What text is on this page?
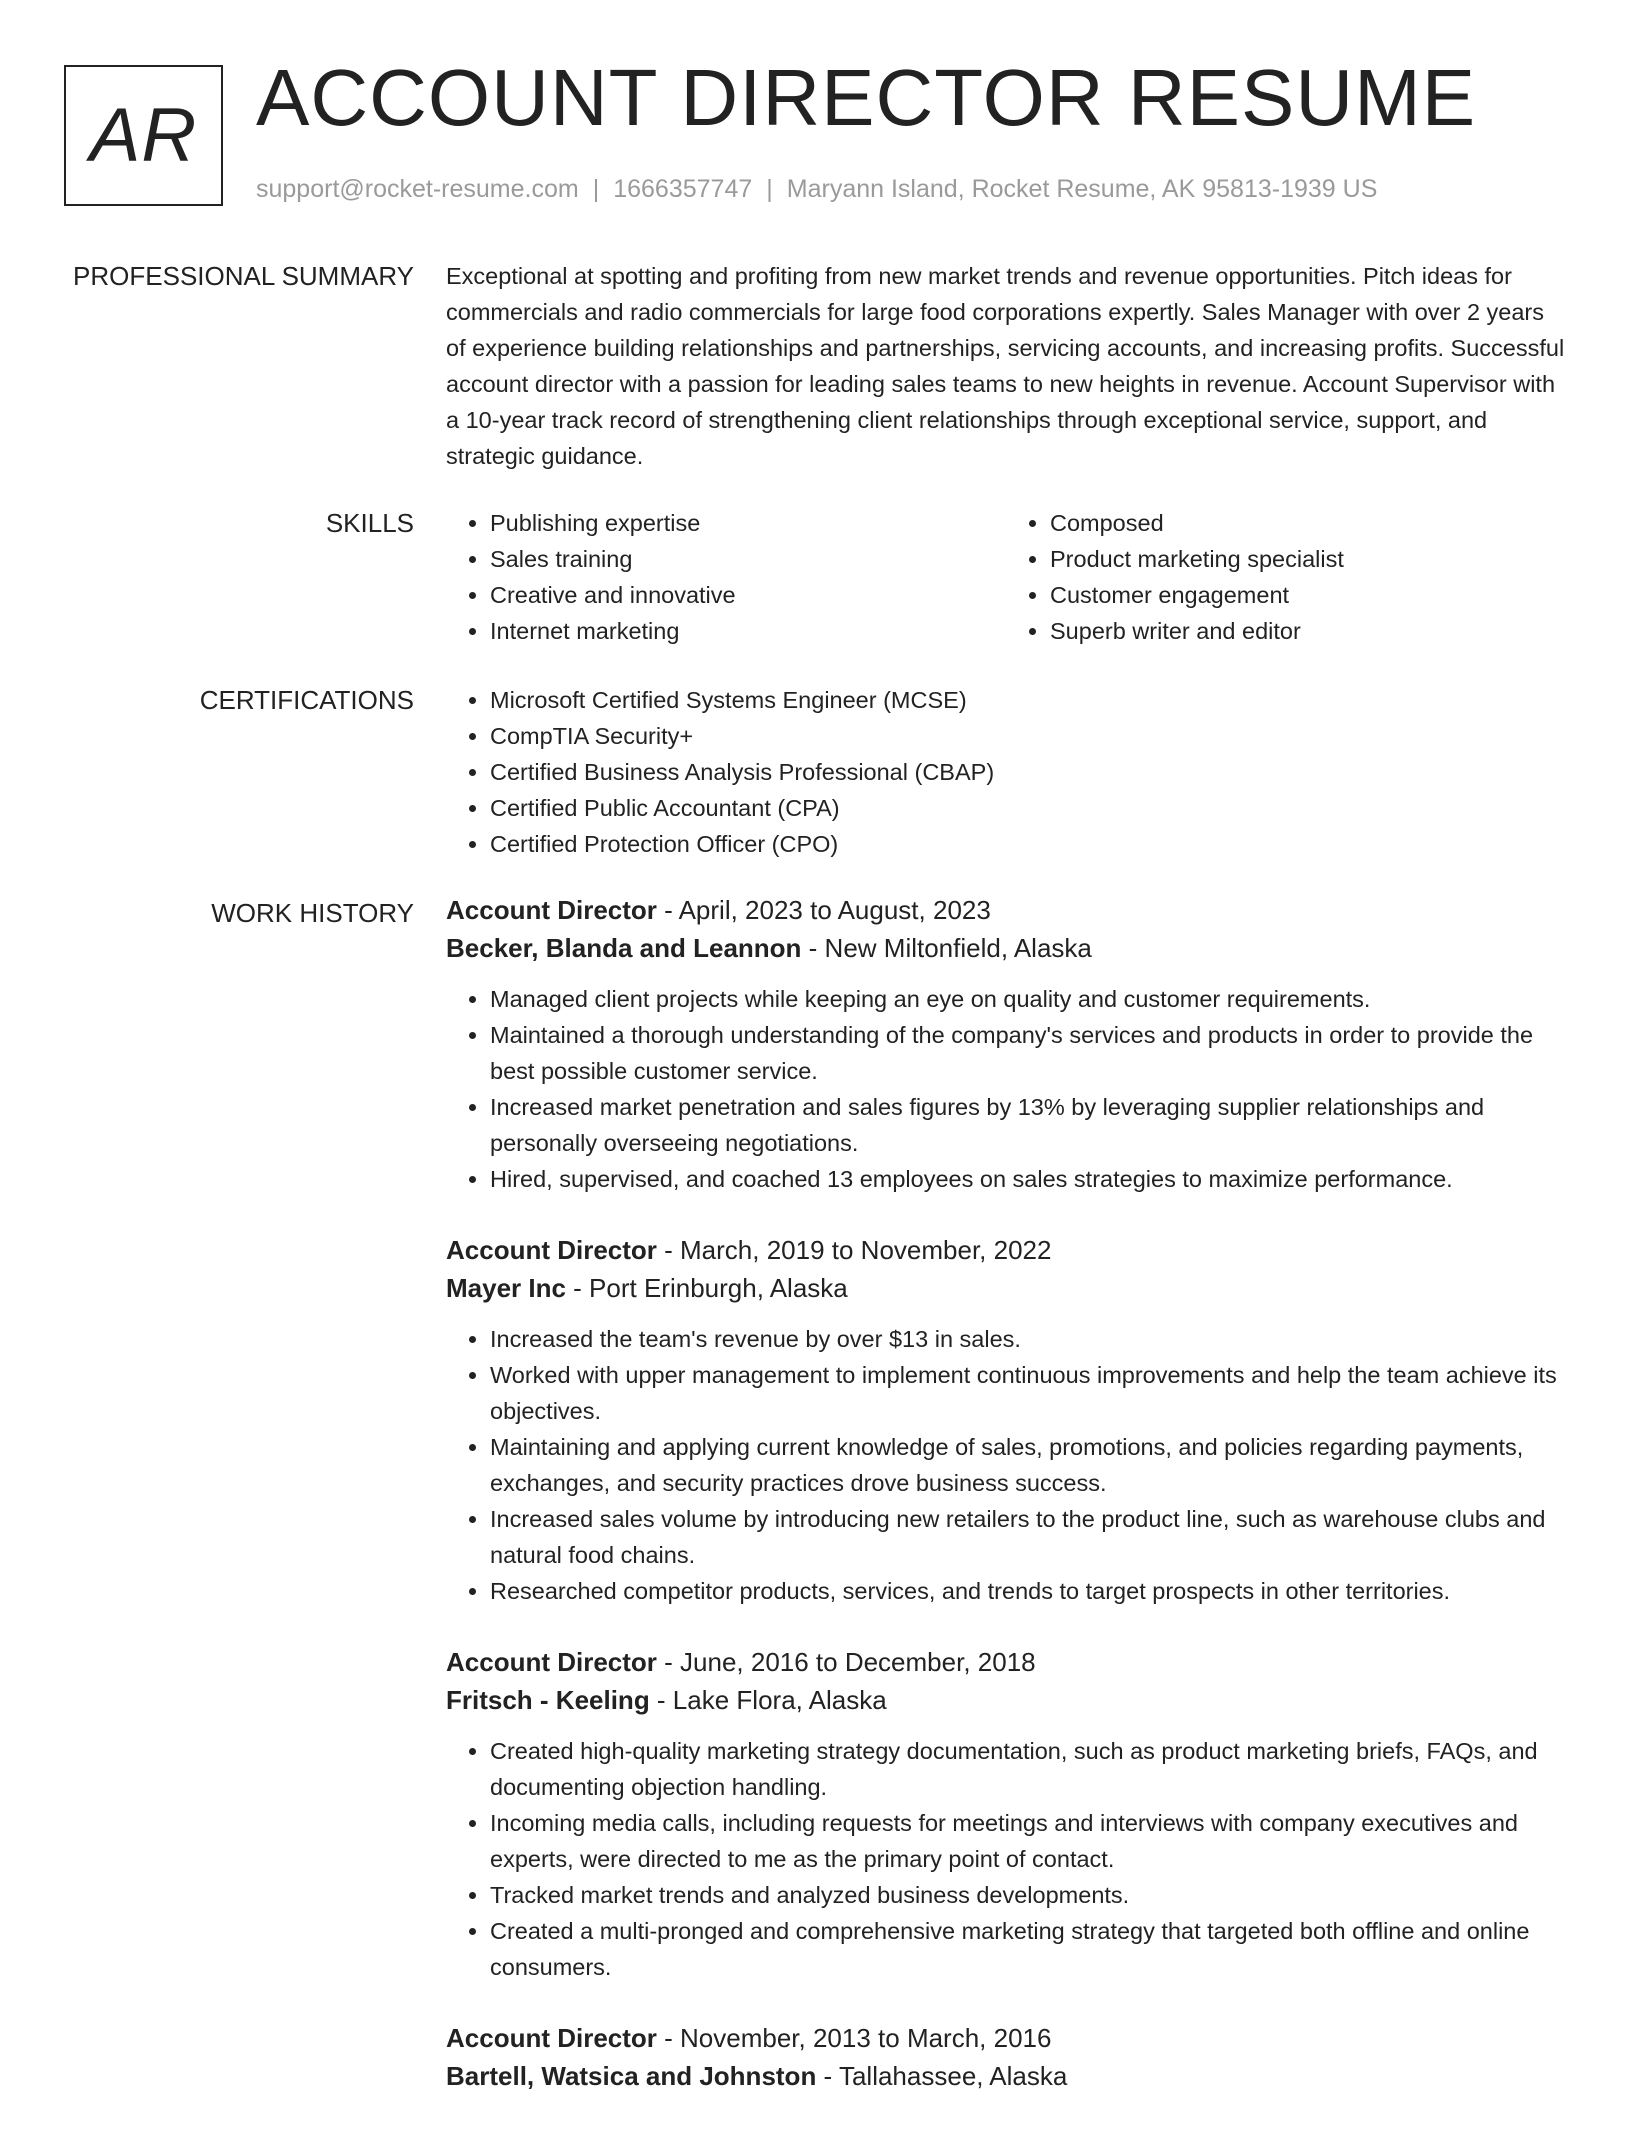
AR ACCOUNT DIRECTOR RESUME
support@rocket-resume.com | 1666357747 | Maryann Island, Rocket Resume, AK 95813-1939 US
PROFESSIONAL SUMMARY Exceptional at spotting and profiting from new market trends and revenue opportunities. Pitch ideas for commercials and radio commercials for large food corporations expertly. Sales Manager with over 2 years of experience building relationships and partnerships, servicing accounts, and increasing profits. Successful account director with a passion for leading sales teams to new heights in revenue. Account Supervisor with a 10-year track record of strengthening client relationships through exceptional service, support, and strategic guidance.
SKILLS	• Publishing expertise
• Sales training
• Creative and innovative
• Internet marketing
• Composed
• Product marketing specialist
• Customer engagement
• Superb writer and editor
CERTIFICATIONS	• Microsoft Certified Systems Engineer (MCSE)
• CompTIA Security+
• Certified Business Analysis Professional (CBAP)
• Certified Public Accountant (CPA)
• Certified Protection Officer (CPO)
WORK HISTORY Account Director - April, 2023 to August, 2023
Becker, Blanda and Leannon - New Miltonfield, Alaska
• Managed client projects while keeping an eye on quality and customer requirements.
• Maintained a thorough understanding of the company's services and products in order to provide the best possible customer service.
• Increased market penetration and sales figures by 13% by leveraging supplier relationships and personally overseeing negotiations.
• Hired, supervised, and coached 13 employees on sales strategies to maximize performance.
Account Director - March, 2019 to November, 2022
Mayer Inc - Port Erinburgh, Alaska
• Increased the team's revenue by over $13 in sales.
• Worked with upper management to implement continuous improvements and help the team achieve its objectives.
• Maintaining and applying current knowledge of sales, promotions, and policies regarding payments, exchanges, and security practices drove business success.
• Increased sales volume by introducing new retailers to the product line, such as warehouse clubs and natural food chains.
• Researched competitor products, services, and trends to target prospects in other territories.
Account Director - June, 2016 to December, 2018
Fritsch - Keeling - Lake Flora, Alaska
• Created high-quality marketing strategy documentation, such as product marketing briefs, FAQs, and documenting objection handling.
• Incoming media calls, including requests for meetings and interviews with company executives and experts, were directed to me as the primary point of contact.
• Tracked market trends and analyzed business developments.
• Created a multi-pronged and comprehensive marketing strategy that targeted both offline and online consumers.
Account Director - November, 2013 to March, 2016
Bartell, Watsica and Johnston - Tallahassee, Alaska
